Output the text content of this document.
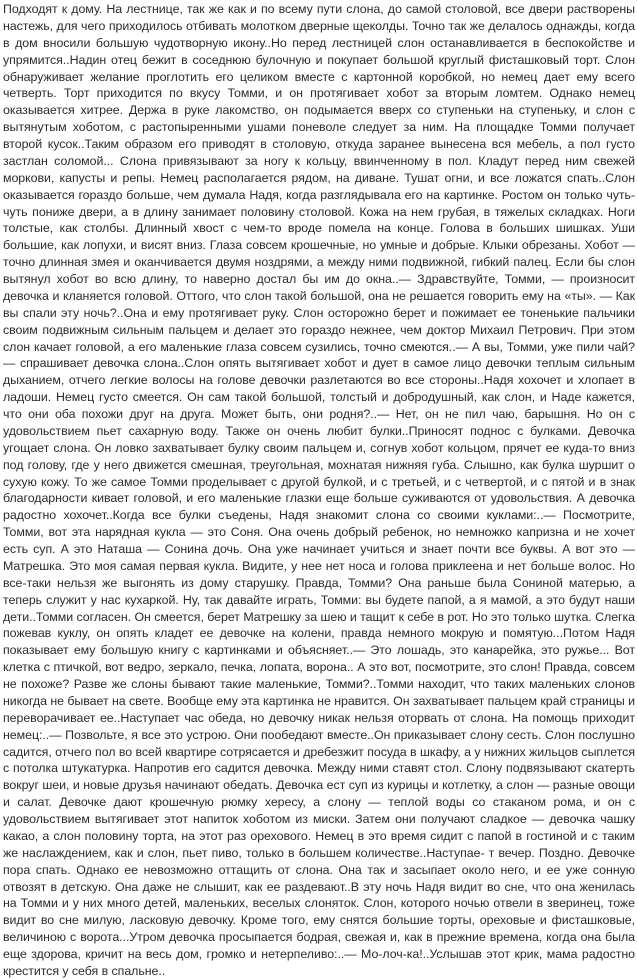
Подходят к дому. На лестнице, так же как и по всему пути слона, до самой столовой, все двери растворены настежь, для чего приходилось отбивать молотком дверные щеколды. Точно так же делалось однажды, когда в дом вносили большую чудотворную икону..Но перед лестницей слон останавливается в беспокойстве и упрямится..Надин отец бежит в соседнюю булочную и покупает большой круглый фисташковый торт. Слон обнаруживает желание проглотить его целиком вместе с картонной коробкой, но немец дает ему всего четверть. Торт приходится по вкусу Томми, и он протягивает хобот за вторым ломтем. Однако немец оказывается хитрее. Держа в руке лакомство, он подымается вверх со ступеньки на ступеньку, и слон с вытянутым хоботом, с растопыренными ушами поневоле следует за ним. На площадке Томми получает второй кусок..Таким образом его приводят в столовую, откуда заранее вынесена вся мебель, а пол густо застлан соломой... Слона привязывают за ногу к кольцу, ввинченному в пол. Кладут перед ним свежей моркови, капусты и репы. Немец располагается рядом, на диване. Тушат огни, и все ложатся спать..Слон оказывается гораздо больше, чем думала Надя, когда разглядывала его на картинке. Ростом он только чуть-чуть пониже двери, а в длину занимает половину столовой. Кожа на нем грубая, в тяжелых складках. Ноги толстые, как столбы. Длинный хвост с чем-то вроде помела на конце. Голова в больших шишках. Уши большие, как лопухи, и висят вниз. Глаза совсем крошечные, но умные и добрые. Клыки обрезаны. Хобот — точно длинная змея и оканчивается двумя ноздрями, а между ними подвижной, гибкий палец. Если бы слон вытянул хобот во всю длину, то наверно достал бы им до окна..— Здравствуйте, Томми, — произносит девочка и кланяется головой. Оттого, что слон такой большой, она не решается говорить ему на «ты». — Как вы спали эту ночь?..Она и ему протягивает руку. Слон осторожно берет и пожимает ее тоненькие пальчики своим подвижным сильным пальцем и делает это гораздо нежнее, чем доктор Михаил Петрович. При этом слон качает головой, а его маленькие глаза совсем сузились, точно смеются..— А вы, Томми, уже пили чай? — спрашивает девочка слона..Слон опять вытягивает хобот и дует в самое лицо девочки теплым сильным дыханием, отчего легкие волосы на голове девочки разлетаются во все стороны..Надя хохочет и хлопает в ладоши. Немец густо смеется. Он сам такой большой, толстый и добродушный, как слон, и Наде кажется, что они оба похожи друг на друга. Может быть, они родня?..— Нет, он не пил чаю, барышня. Но он с удовольствием пьет сахарную воду. Также он очень любит булки..Приносят поднос с булками. Девочка угощает слона. Он ловко захватывает булку своим пальцем и, согнув хобот кольцом, прячет ее куда-то вниз под голову, где у него движется смешная, треугольная, мохнатая нижняя губа. Слышно, как булка шуршит о сухую кожу. То же самое Томми проделывает с другой булкой, и с третьей, и с четвертой, и с пятой и в знак благодарности кивает головой, и его маленькие глазки еще больше суживаются от удовольствия. А девочка радостно хохочет..Когда все булки съедены, Надя знакомит слона со своими куклами:..— Посмотрите, Томми, вот эта нарядная кукла — это Соня. Она очень добрый ребенок, но немножко капризна и не хочет есть суп. А это Наташа — Сонина дочь. Она уже начинает учиться и знает почти все буквы. А вот это — Матрешка. Это моя самая первая кукла. Видите, у нее нет носа и голова приклеена и нет больше волос. Но все-таки нельзя же выгонять из дому старушку. Правда, Томми? Она раньше была Сониной матерью, а теперь служит у нас кухаркой. Ну, так давайте играть, Томми: вы будете папой, а я мамой, а это будут наши дети..Томми согласен. Он смеется, берет Матрешку за шею и тащит к себе в рот. Но это только шутка. Слегка пожевав куклу, он опять кладет ее девочке на колени, правда немного мокрую и помятую...Потом Надя показывает ему большую книгу с картинками и объясняет..— Это лошадь, это канарейка, это ружье... Вот клетка с птичкой, вот ведро, зеркало, печка, лопата, ворона.. А это вот, посмотрите, это слон! Правда, совсем не похоже? Разве же слоны бывают такие маленькие, Томми?..Томми находит, что таких маленьких слонов никогда не бывает на свете. Вообще ему эта картинка не нравится. Он захватывает пальцем край страницы и переворачивает ее..Наступает час обеда, но девочку никак нельзя оторвать от слона. На помощь приходит немец:..— Позвольте, я все это устрою. Они пообедают вместе..Он приказывает слону сесть. Слон послушно садится, отчего пол во всей квартире сотрясается и дребезжит посуда в шкафу, а у нижних жильцов сыплется с потолка штукатурка. Напротив его садится девочка. Между ними ставят стол. Слону подвязывают скатерть вокруг шеи, и новые друзья начинают обедать. Девочка ест суп из курицы и котлетку, а слон — разные овощи и салат. Девочке дают крошечную рюмку хересу, а слону — теплой воды со стаканом рома, и он с удовольствием вытягивает этот напиток хоботом из миски. Затем они получают сладкое — девочка чашку какао, а слон половину торта, на этот раз орехового. Немец в это время сидит с папой в гостиной и с таким же наслаждением, как и слон, пьет пиво, только в большем количестве..Наступае- т вечер. Поздно. Девочке пора спать. Однако ее невозможно оттащить от слона. Она так и засыпает около него, и ее уже сонную отвозят в детскую. Она даже не слышит, как ее раздевают..В эту ночь Надя видит во сне, что она женилась на Томми и у них много детей, маленьких, веселых слоняток. Слон, которого ночью отвели в зверинец, тоже видит во сне милую, ласковую девочку. Кроме того, ему снятся большие торты, ореховые и фисташковые, величиною с ворота...Утром девочка просыпается бодрая, свежая и, как в прежние времена, когда она была еще здорова, кричит на весь дом, громко и нетерпеливо:..— Мо-лоч-ка!..Услышав этот крик, мама радостно крестится у себя в спальне..
